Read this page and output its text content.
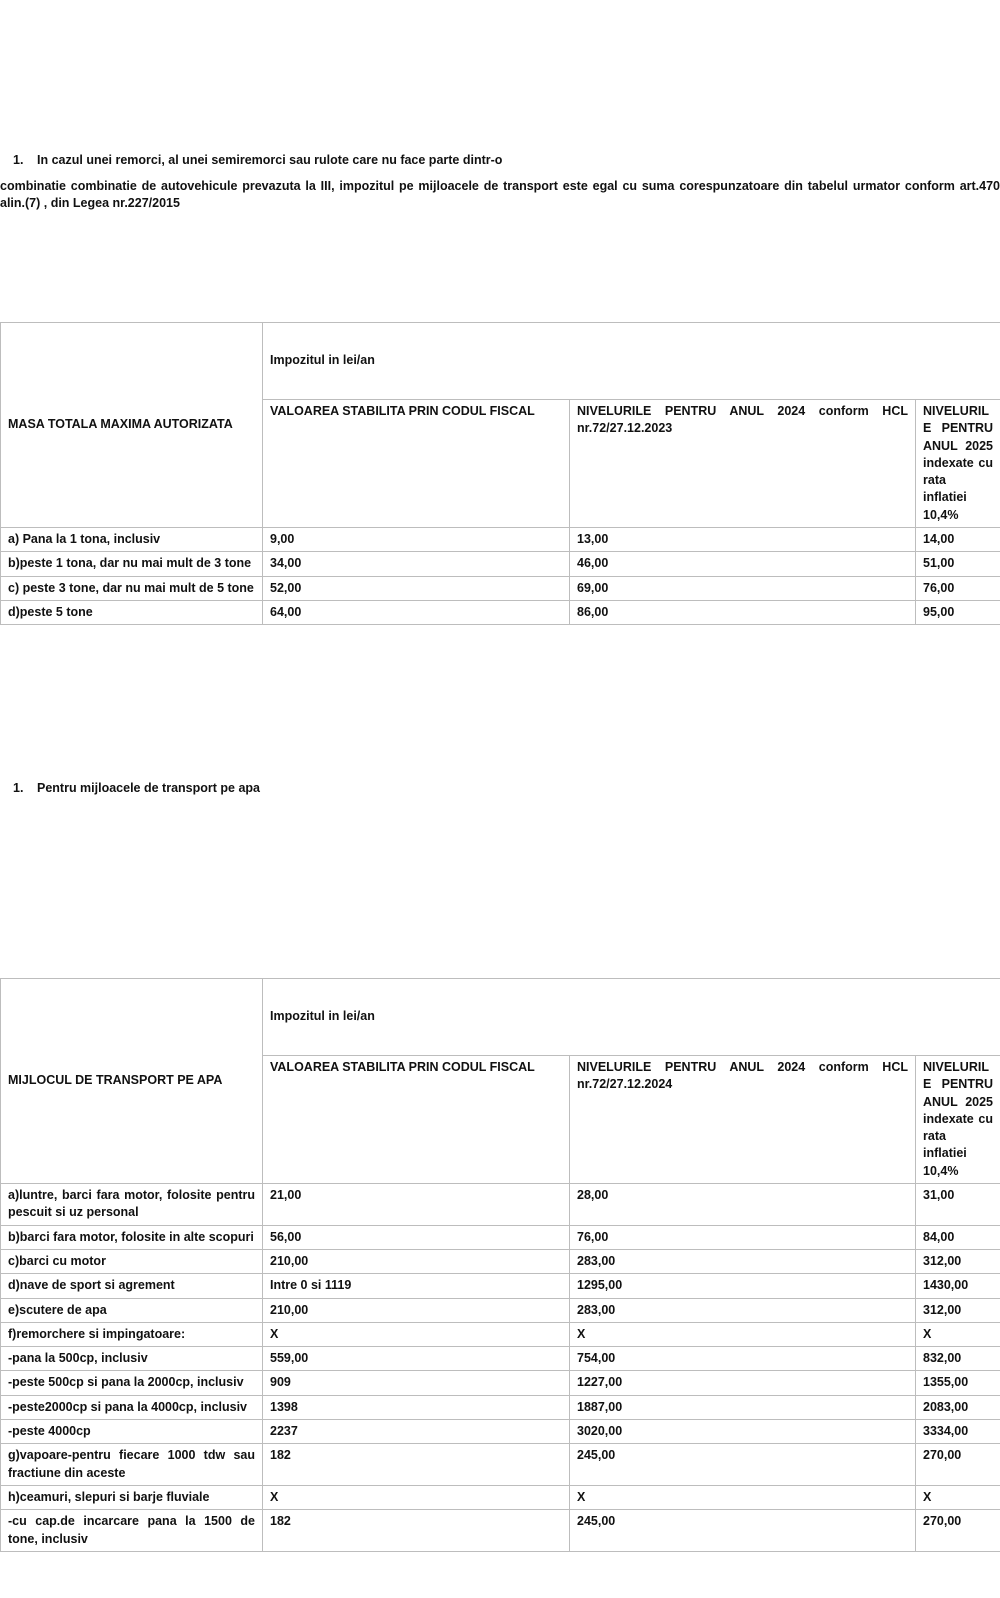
1. In cazul unei remorci, al unei semiremorci sau rulote care nu face parte dintr-o
combinatie combinatie de autovehicule prevazuta la III, impozitul pe mijloacele de transport este egal cu suma corespunzatoare din tabelul urmator conform art.470 alin.(7) , din Legea nr.227/2015
MASA TOTALA MAXIMA AUTORIZATA	Impozitul in lei/an		
	VALOAREA STABILITA PRIN CODUL FISCAL	NIVELURILE PENTRU ANUL 2024 conform HCL nr.72/27.12.2023	NIVELURILE PENTRU ANUL 2025 indexate cu rata inflatiei 10,4%
a) Pana la 1 tona, inclusiv	9,00	13,00	14,00
b)peste 1 tona, dar nu mai mult de 3 tone	34,00	46,00	51,00
c) peste 3 tone, dar nu mai mult de 5 tone	52,00	69,00	76,00
d)peste 5 tone	64,00	86,00	95,00
1. Pentru mijloacele de transport pe apa
MIJLOCUL DE TRANSPORT PE APA	Impozitul in lei/an		
	VALOAREA STABILITA PRIN CODUL FISCAL	NIVELURILE PENTRU ANUL 2024 conform HCL nr.72/27.12.2024	NIVELURILE PENTRU ANUL 2025 indexate cu rata inflatiei 10,4%
a)luntre, barci fara motor, folosite pentru pescuit si uz personal	21,00	28,00	31,00
b)barci fara motor, folosite in alte scopuri	56,00	76,00	84,00
c)barci cu motor	210,00	283,00	312,00
d)nave de sport si agrement	Intre 0 si 1119	1295,00	1430,00
e)scutere de apa	210,00	283,00	312,00
f)remorchere si impingatoare:	X	X	X
-pana la 500cp, inclusiv	559,00	754,00	832,00
-peste 500cp si pana la 2000cp, inclusiv	909	1227,00	1355,00
-peste2000cp si pana la 4000cp, inclusiv	1398	1887,00	2083,00
-peste 4000cp	2237	3020,00	3334,00
g)vapoare-pentru fiecare 1000 tdw sau fractiune din aceste	182	245,00	270,00
h)ceamuri, slepuri si barje fluviale	X	X	X
-cu cap.de incarcare pana la 1500 de tone, inclusiv	182	245,00	270,00
